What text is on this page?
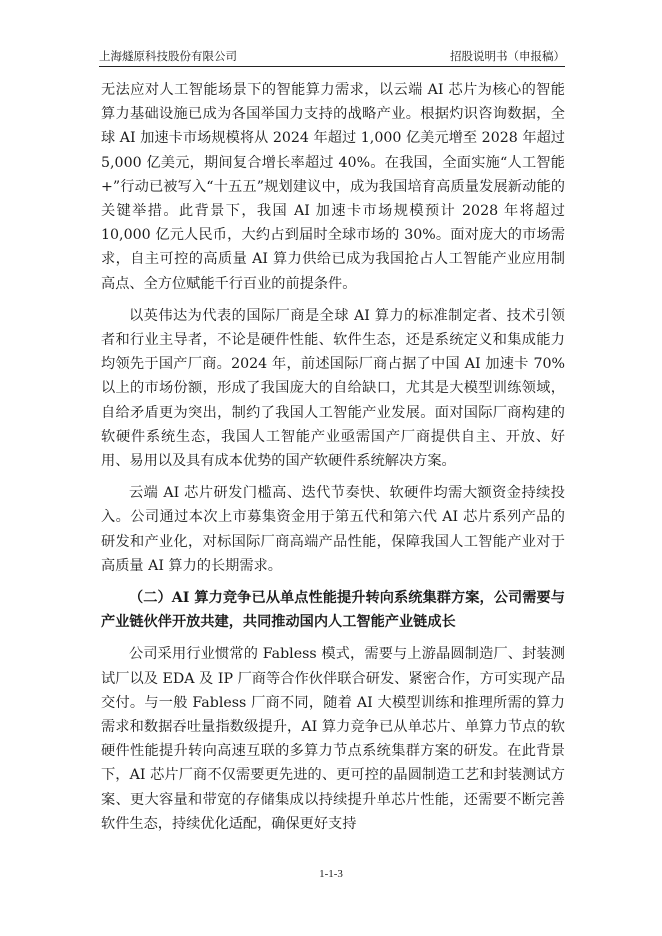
上海燧原科技股份有限公司	招股说明书（申报稿）

无法应对人工智能场景下的智能算力需求，以云端 AI 芯片为核心的智能算力基础设施已成为各国举国力支持的战略产业。根据灼识咨询数据，全球 AI 加速卡市场规模将从 2024 年超过 1,000 亿美元增至 2028 年超过 5,000 亿美元，期间复合增长率超过 40%。在我国，全面实施“人工智能+”行动已被写入“十五五”规划建议中，成为我国培育高质量发展新动能的关键举措。此背景下，我国 AI 加速卡市场规模预计 2028 年将超过 10,000 亿元人民币，大约占到届时全球市场的 30%。面对庞大的市场需求，自主可控的高质量 AI 算力供给已成为我国抢占人工智能产业应用制高点、全方位赋能千行百业的前提条件。

以英伟达为代表的国际厂商是全球 AI 算力的标准制定者、技术引领者和行业主导者，不论是硬件性能、软件生态，还是系统定义和集成能力均领先于国产厂商。2024 年，前述国际厂商占据了中国 AI 加速卡 70%以上的市场份额，形成了我国庞大的自给缺口，尤其是大模型训练领域，自给矛盾更为突出，制约了我国人工智能产业发展。面对国际厂商构建的软硬件系统生态，我国人工智能产业亟需国产厂商提供自主、开放、好用、易用以及具有成本优势的国产软硬件系统解决方案。

云端 AI 芯片研发门槛高、迭代节奏快、软硬件均需大额资金持续投入。公司通过本次上市募集资金用于第五代和第六代 AI 芯片系列产品的研发和产业化，对标国际厂商高端产品性能，保障我国人工智能产业对于高质量 AI 算力的长期需求。

（二）AI 算力竞争已从单点性能提升转向系统集群方案，公司需要与产业链伙伴开放共建，共同推动国内人工智能产业链成长

公司采用行业惯常的 Fabless 模式，需要与上游晶圆制造厂、封装测试厂以及 EDA 及 IP 厂商等合作伙伴联合研发、紧密合作，方可实现产品交付。与一般 Fabless 厂商不同，随着 AI 大模型训练和推理所需的算力需求和数据吞吐量指数级提升，AI 算力竞争已从单芯片、单算力节点的软硬件性能提升转向高速互联的多算力节点系统集群方案的研发。在此背景下，AI 芯片厂商不仅需要更先进的、更可控的晶圆制造工艺和封装测试方案、更大容量和带宽的存储集成以持续提升单芯片性能，还需要不断完善软件生态，持续优化适配，确保更好支持

1-1-3
